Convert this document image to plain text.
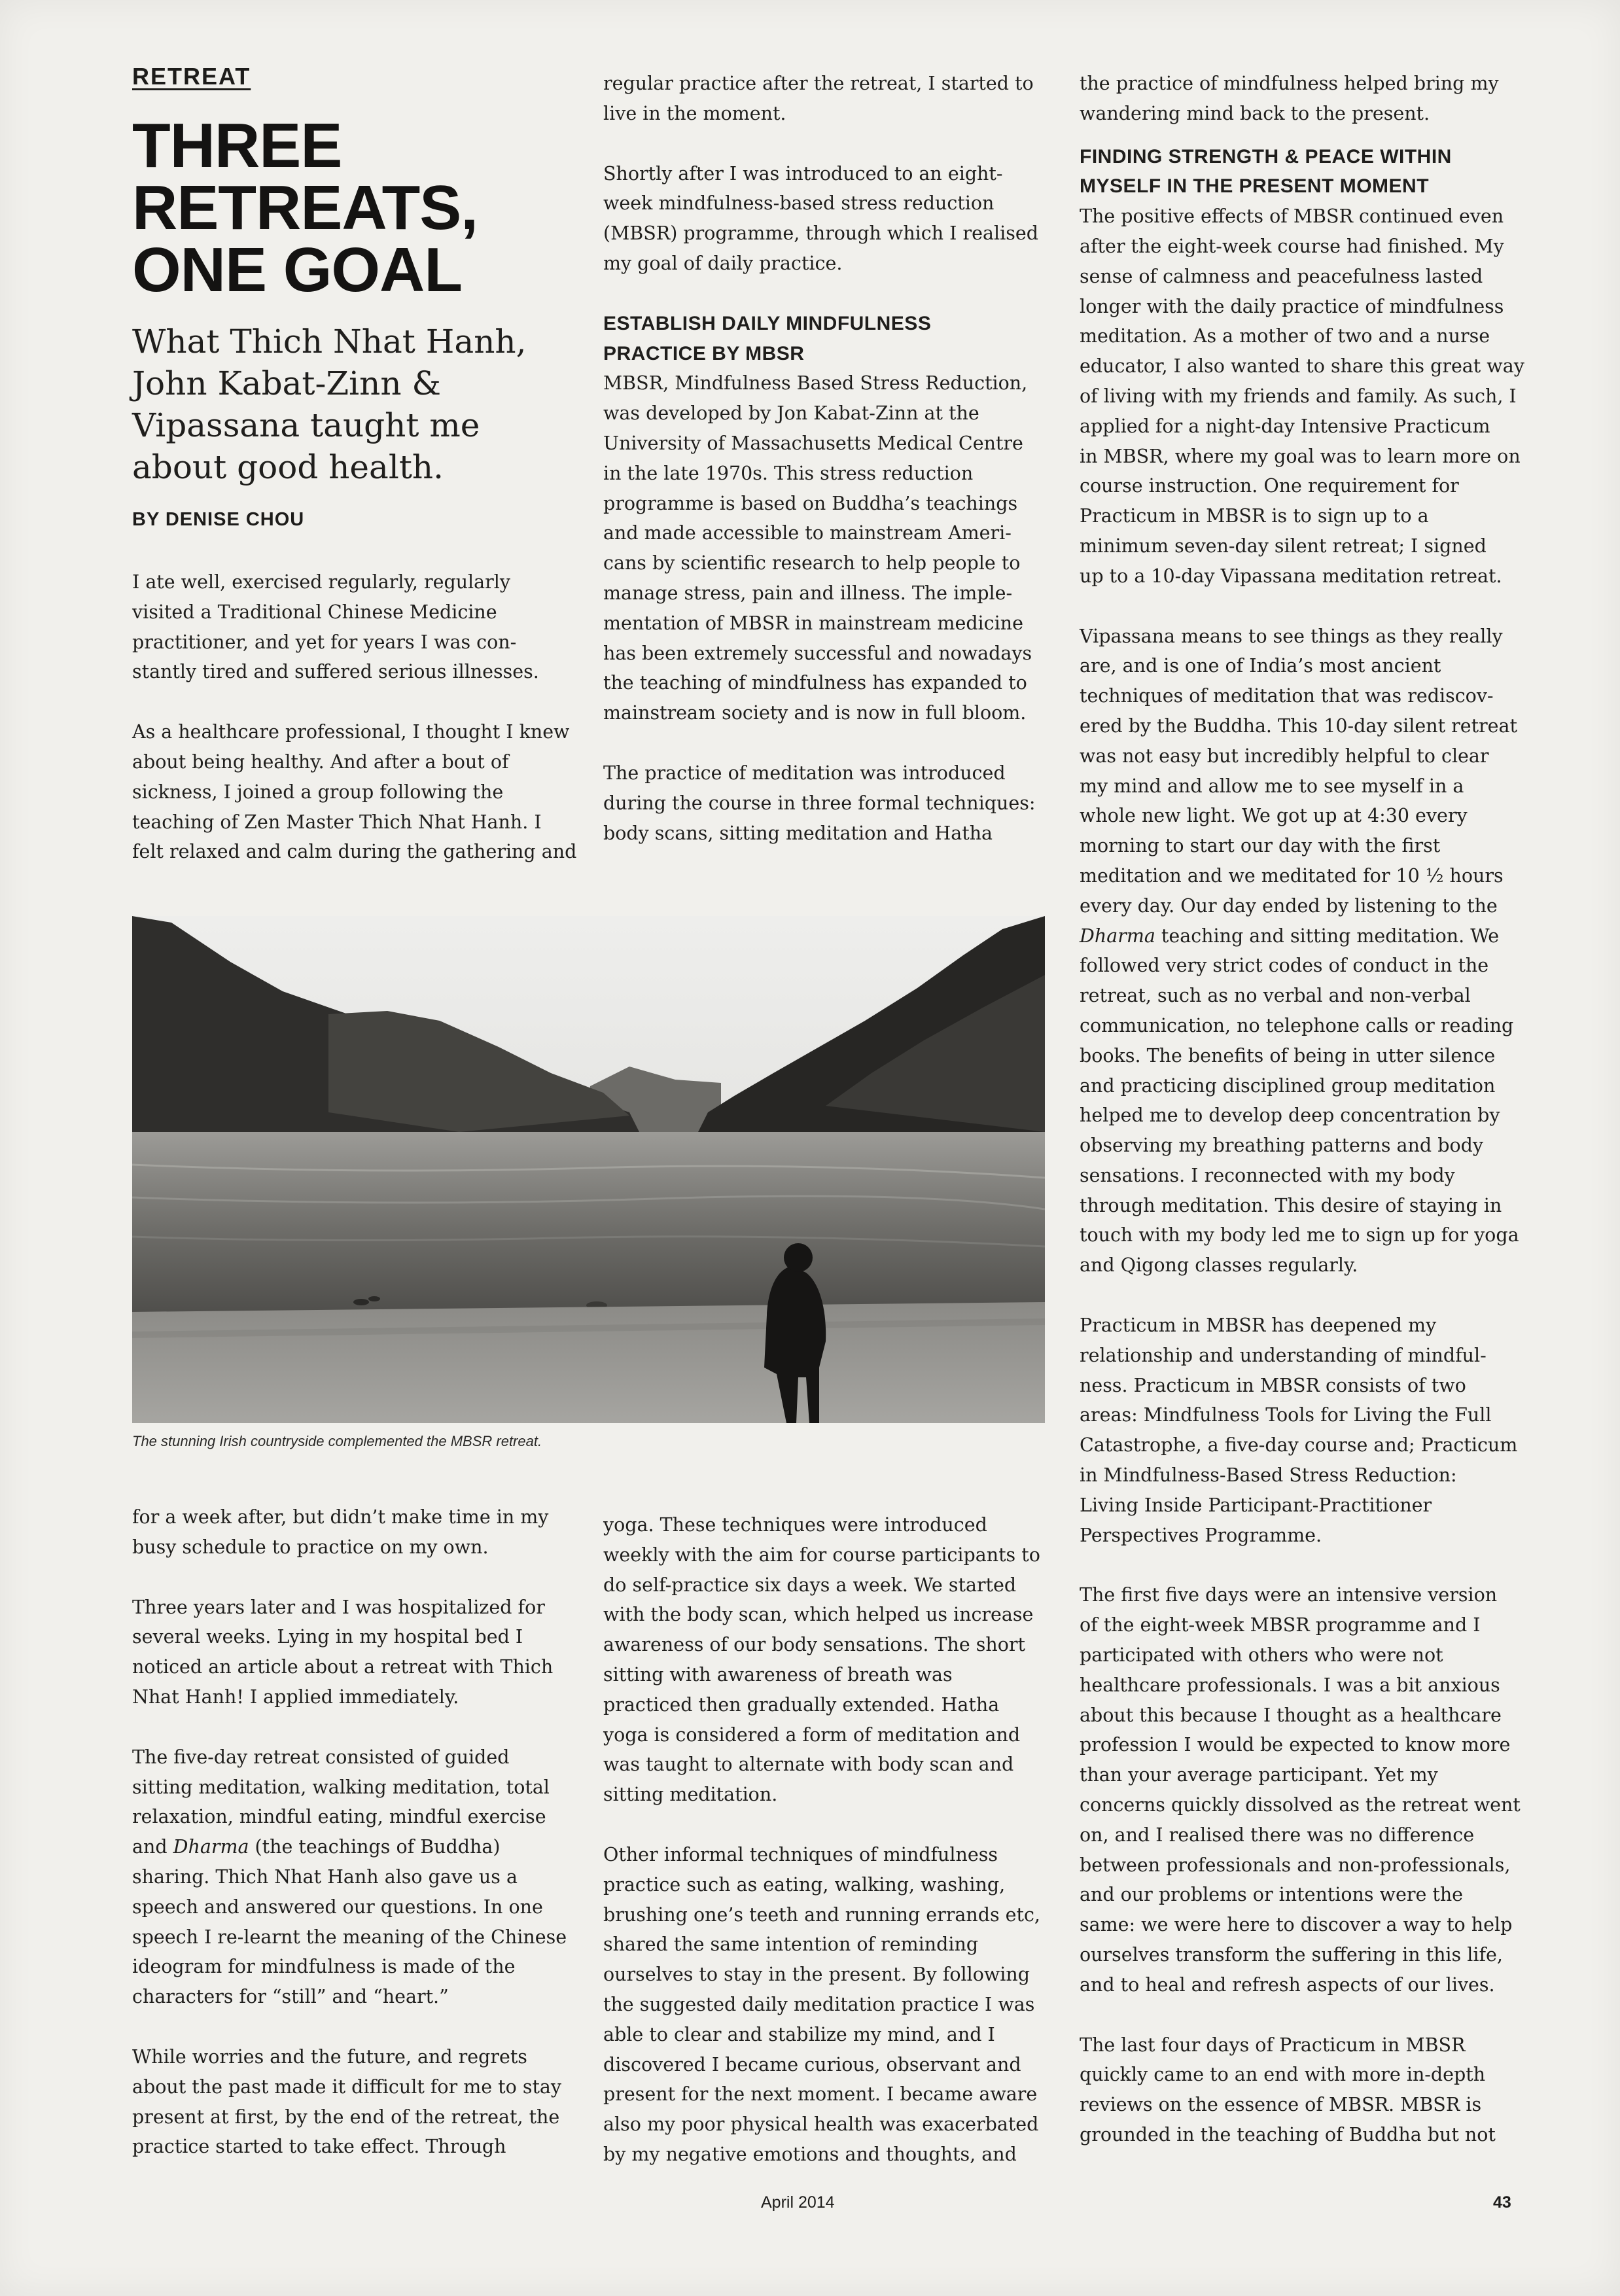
RETREAT
THREE
RETREATS,
ONE GOAL
What Thich Nhat Hanh,
John Kabat-Zinn &
Vipassana taught me
about good health.
BY DENISE CHOU

I ate well, exercised regularly, regularly
visited a Traditional Chinese Medicine
practitioner, and yet for years I was con-
stantly tired and suffered serious illnesses.

As a healthcare professional, I thought I knew
about being healthy. And after a bout of
sickness, I joined a group following the
teaching of Zen Master Thich Nhat Hanh. I
felt relaxed and calm during the gathering and

regular practice after the retreat, I started to
live in the moment.

Shortly after I was introduced to an eight-
week mindfulness-based stress reduction
(MBSR) programme, through which I realised
my goal of daily practice.

ESTABLISH DAILY MINDFULNESS
PRACTICE BY MBSR

MBSR, Mindfulness Based Stress Reduction,
was developed by Jon Kabat-Zinn at the
University of Massachusetts Medical Centre
in the late 1970s. This stress reduction
programme is based on Buddha’s teachings
and made accessible to mainstream Ameri-
cans by scientific research to help people to
manage stress, pain and illness. The imple-
mentation of MBSR in mainstream medicine
has been extremely successful and nowadays
the teaching of mindfulness has expanded to
mainstream society and is now in full bloom.

The practice of meditation was introduced
during the course in three formal techniques:
body scans, sitting meditation and Hatha

The stunning Irish countryside complemented the MBSR retreat.

for a week after, but didn’t make time in my
busy schedule to practice on my own.

Three years later and I was hospitalized for
several weeks. Lying in my hospital bed I
noticed an article about a retreat with Thich
Nhat Hanh! I applied immediately.

The five-day retreat consisted of guided
sitting meditation, walking meditation, total
relaxation, mindful eating, mindful exercise
and Dharma (the teachings of Buddha)
sharing. Thich Nhat Hanh also gave us a
speech and answered our questions. In one
speech I re-learnt the meaning of the Chinese
ideogram for mindfulness is made of the
characters for “still” and “heart.”

While worries and the future, and regrets
about the past made it difficult for me to stay
present at first, by the end of the retreat, the
practice started to take effect. Through

yoga. These techniques were introduced
weekly with the aim for course participants to
do self-practice six days a week. We started
with the body scan, which helped us increase
awareness of our body sensations. The short
sitting with awareness of breath was
practiced then gradually extended. Hatha
yoga is considered a form of meditation and
was taught to alternate with body scan and
sitting meditation.

Other informal techniques of mindfulness
practice such as eating, walking, washing,
brushing one’s teeth and running errands etc,
shared the same intention of reminding
ourselves to stay in the present. By following
the suggested daily meditation practice I was
able to clear and stabilize my mind, and I
discovered I became curious, observant and
present for the next moment. I became aware
also my poor physical health was exacerbated
by my negative emotions and thoughts, and

the practice of mindfulness helped bring my
wandering mind back to the present.

FINDING STRENGTH & PEACE WITHIN
MYSELF IN THE PRESENT MOMENT

The positive effects of MBSR continued even
after the eight-week course had finished. My
sense of calmness and peacefulness lasted
longer with the daily practice of mindfulness
meditation. As a mother of two and a nurse
educator, I also wanted to share this great way
of living with my friends and family. As such, I
applied for a night-day Intensive Practicum
in MBSR, where my goal was to learn more on
course instruction. One requirement for
Practicum in MBSR is to sign up to a
minimum seven-day silent retreat; I signed
up to a 10-day Vipassana meditation retreat.

Vipassana means to see things as they really
are, and is one of India’s most ancient
techniques of meditation that was rediscov-
ered by the Buddha. This 10-day silent retreat
was not easy but incredibly helpful to clear
my mind and allow me to see myself in a
whole new light. We got up at 4:30 every
morning to start our day with the first
meditation and we meditated for 10 ½ hours
every day. Our day ended by listening to the
Dharma teaching and sitting meditation. We
followed very strict codes of conduct in the
retreat, such as no verbal and non-verbal
communication, no telephone calls or reading
books. The benefits of being in utter silence
and practicing disciplined group meditation
helped me to develop deep concentration by
observing my breathing patterns and body
sensations. I reconnected with my body
through meditation. This desire of staying in
touch with my body led me to sign up for yoga
and Qigong classes regularly.

Practicum in MBSR has deepened my
relationship and understanding of mindful-
ness. Practicum in MBSR consists of two
areas: Mindfulness Tools for Living the Full
Catastrophe, a five-day course and; Practicum
in Mindfulness-Based Stress Reduction:
Living Inside Participant-Practitioner
Perspectives Programme.

The first five days were an intensive version
of the eight-week MBSR programme and I
participated with others who were not
healthcare professionals. I was a bit anxious
about this because I thought as a healthcare
profession I would be expected to know more
than your average participant. Yet my
concerns quickly dissolved as the retreat went
on, and I realised there was no difference
between professionals and non-professionals,
and our problems or intentions were the
same: we were here to discover a way to help
ourselves transform the suffering in this life,
and to heal and refresh aspects of our lives.

The last four days of Practicum in MBSR
quickly came to an end with more in-depth
reviews on the essence of MBSR. MBSR is
grounded in the teaching of Buddha but not

April 2014	43
